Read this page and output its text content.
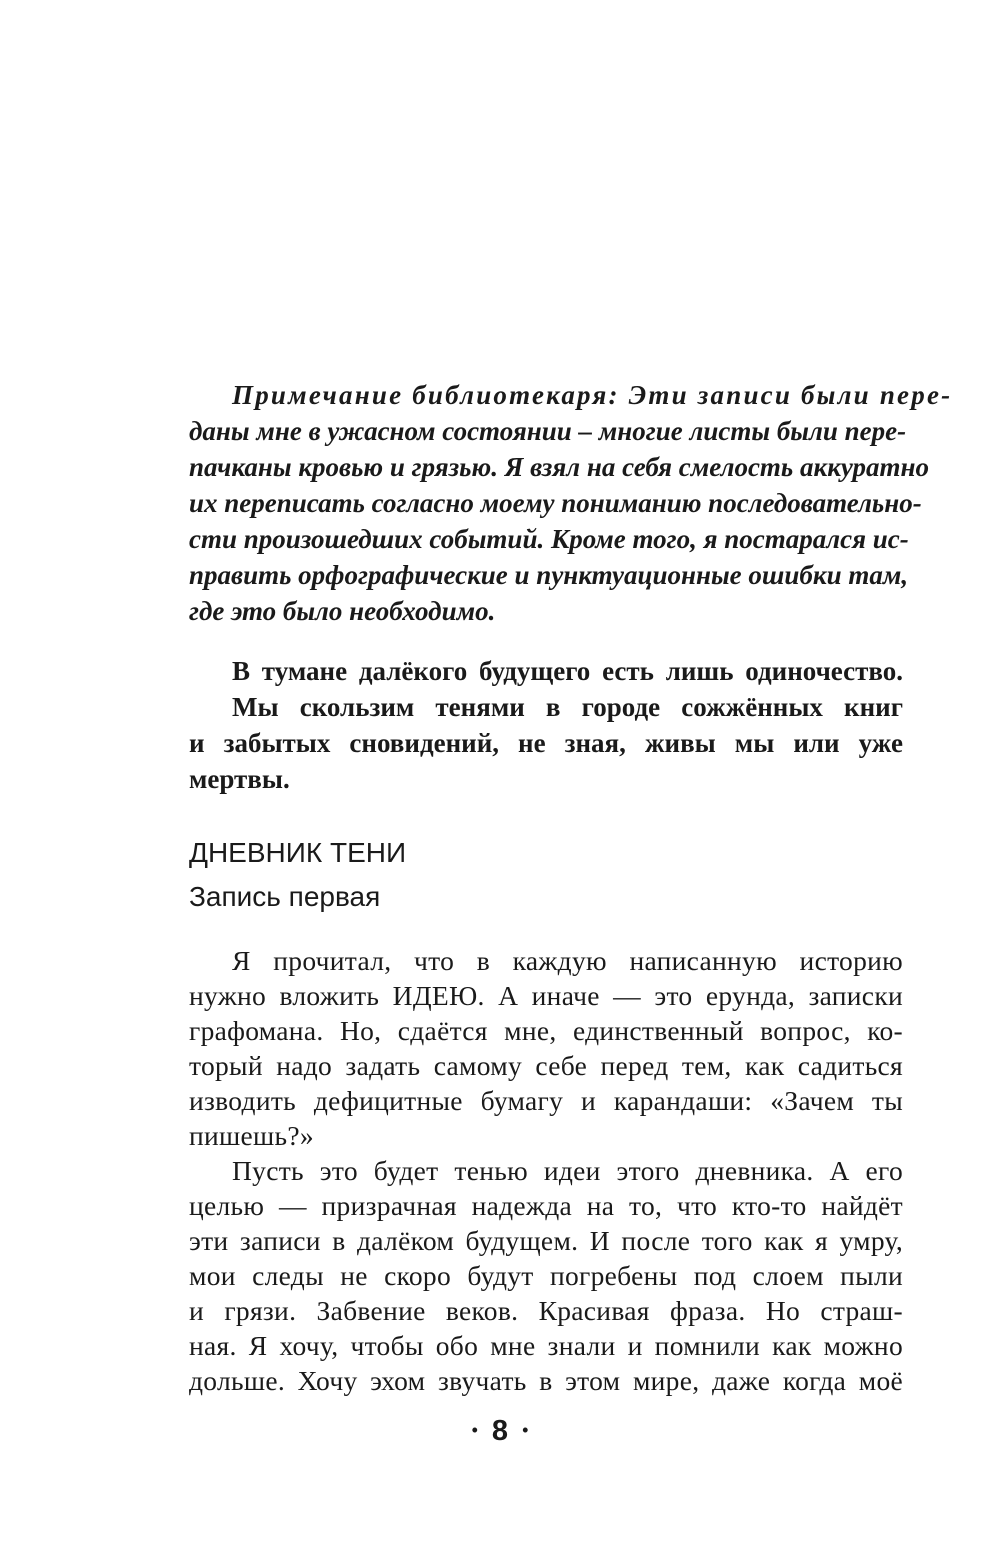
Примечание библиотекаря: Эти записи были пере-

даны мне в ужасном состоянии – многие листы были пере-

пачканы кровью и грязью. Я взял на себя смелость аккуратно

их переписать согласно моему пониманию последовательно-

сти произошедших событий. Кроме того, я постарался ис-

править орфографические и пунктуационные ошибки там,

где это было необходимо.

В тумане далёкого будущего есть лишь одиночество.

Мы скользим тенями в городе сожжённых книг

и забытых сновидений, не зная, живы мы или уже

мертвы.

ДНЕВНИК ТЕНИ
Запись первая

Я прочитал, что в каждую написанную историю

нужно вложить ИДЕЮ. А иначе — это ерунда, записки

графомана. Но, сдаётся мне, единственный вопрос, ко-

торый надо задать самому себе перед тем, как садиться

изводить дефицитные бумагу и карандаши: «Зачем ты

пишешь?»

Пусть это будет тенью идеи этого дневника. А его

целью — призрачная надежда на то, что кто-то найдёт

эти записи в далёком будущем. И после того как я умру,

мои следы не скоро будут погребены под слоем пыли

и грязи. Забвение веков. Красивая фраза. Но страш-

ная. Я хочу, чтобы обо мне знали и помнили как можно

дольше. Хочу эхом звучать в этом мире, даже когда моё

• 8 •
